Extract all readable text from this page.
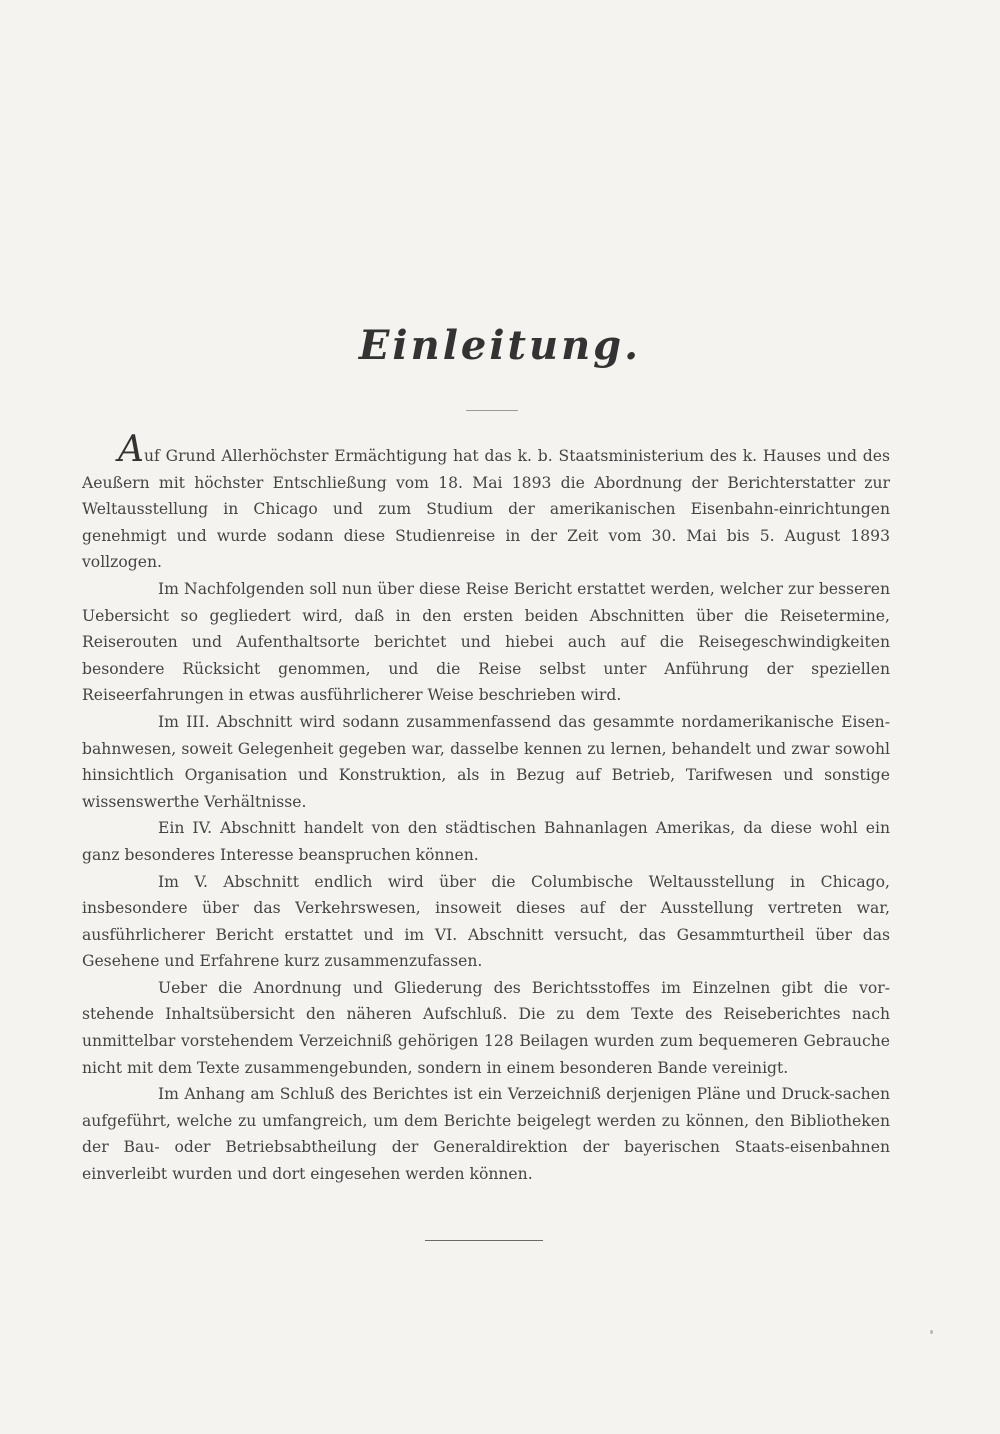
Einleitung.

Auf Grund Allerhöchster Ermächtigung hat das k. b. Staatsministerium des k. Hauses und des Aeußern mit höchster Entschließung vom 18. Mai 1893 die Abordnung der Berichterstatter zur Weltausstellung in Chicago und zum Studium der amerikanischen Eisenbahn-einrichtungen genehmigt und wurde sodann diese Studienreise in der Zeit vom 30. Mai bis 5. August 1893 vollzogen.

Im Nachfolgenden soll nun über diese Reise Bericht erstattet werden, welcher zur besseren Uebersicht so gegliedert wird, daß in den ersten beiden Abschnitten über die Reisetermine, Reiserouten und Aufenthaltsorte berichtet und hiebei auch auf die Reisegeschwindigkeiten besondere Rücksicht genommen, und die Reise selbst unter Anführung der speziellen Reiseerfahrungen in etwas ausführlicherer Weise beschrieben wird.

Im III. Abschnitt wird sodann zusammenfassend das gesammte nordamerikanische Eisen-bahnwesen, soweit Gelegenheit gegeben war, dasselbe kennen zu lernen, behandelt und zwar sowohl hinsichtlich Organisation und Konstruktion, als in Bezug auf Betrieb, Tarifwesen und sonstige wissenswerthe Verhältnisse.

Ein IV. Abschnitt handelt von den städtischen Bahnanlagen Amerikas, da diese wohl ein ganz besonderes Interesse beanspruchen können.

Im V. Abschnitt endlich wird über die Columbische Weltausstellung in Chicago, insbesondere über das Verkehrswesen, insoweit dieses auf der Ausstellung vertreten war, ausführlicherer Bericht erstattet und im VI. Abschnitt versucht, das Gesammturtheil über das Gesehene und Erfahrene kurz zusammenzufassen.

Ueber die Anordnung und Gliederung des Berichtsstoffes im Einzelnen gibt die vor-stehende Inhaltsübersicht den näheren Aufschluß. Die zu dem Texte des Reiseberichtes nach unmittelbar vorstehendem Verzeichniß gehörigen 128 Beilagen wurden zum bequemeren Gebrauche nicht mit dem Texte zusammengebunden, sondern in einem besonderen Bande vereinigt.

Im Anhang am Schluß des Berichtes ist ein Verzeichniß derjenigen Pläne und Druck-sachen aufgeführt, welche zu umfangreich, um dem Berichte beigelegt werden zu können, den Bibliotheken der Bau- oder Betriebsabtheilung der Generaldirektion der bayerischen Staats-eisenbahnen einverleibt wurden und dort eingesehen werden können.
